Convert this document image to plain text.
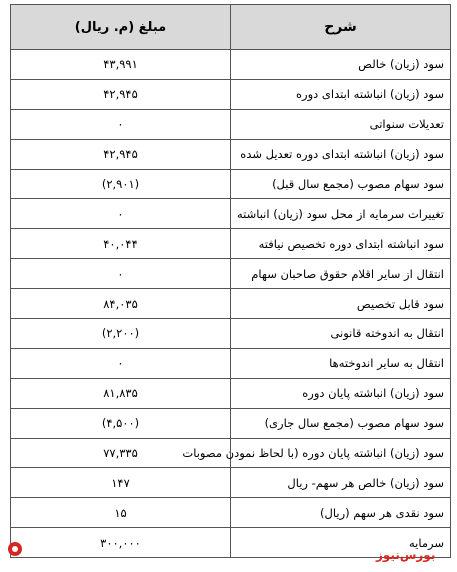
شرح	مبلغ (م. ریال)
سود (زیان) خالص	۴۳,۹۹۱
سود (زیان) انباشته ابتدای دوره	۴۲,۹۴۵
تعدیلات سنواتی	۰
سود (زیان) انباشته ابتدای دوره تعدیل شده	۴۲,۹۴۵
سود سهام مصوب (مجمع سال قبل)	(۲,۹۰۱)
تغییرات سرمایه از محل سود (زیان) انباشته	۰
سود انباشته ابتدای دوره تخصیص نیافته	۴۰,۰۴۴
انتقال از سایر اقلام حقوق صاحبان سهام	۰
سود قابل تخصیص	۸۴,۰۳۵
انتقال به اندوخته قانونی	(۲,۲۰۰)
انتقال به سایر اندوخته‌ها	۰
سود (زیان) انباشته پایان دوره	۸۱,۸۳۵
سود سهام مصوب (مجمع سال جاری)	(۴,۵۰۰)
سود (زیان) انباشته پایان دوره (با لحاظ نمودن مصوبات	۷۷,۳۳۵
سود (زیان) خالص هر سهم- ریال	۱۴۷
سود نقدی هر سهم (ریال)	۱۵
سرمایه	۳۰۰,۰۰۰
بورس‌نیوز
